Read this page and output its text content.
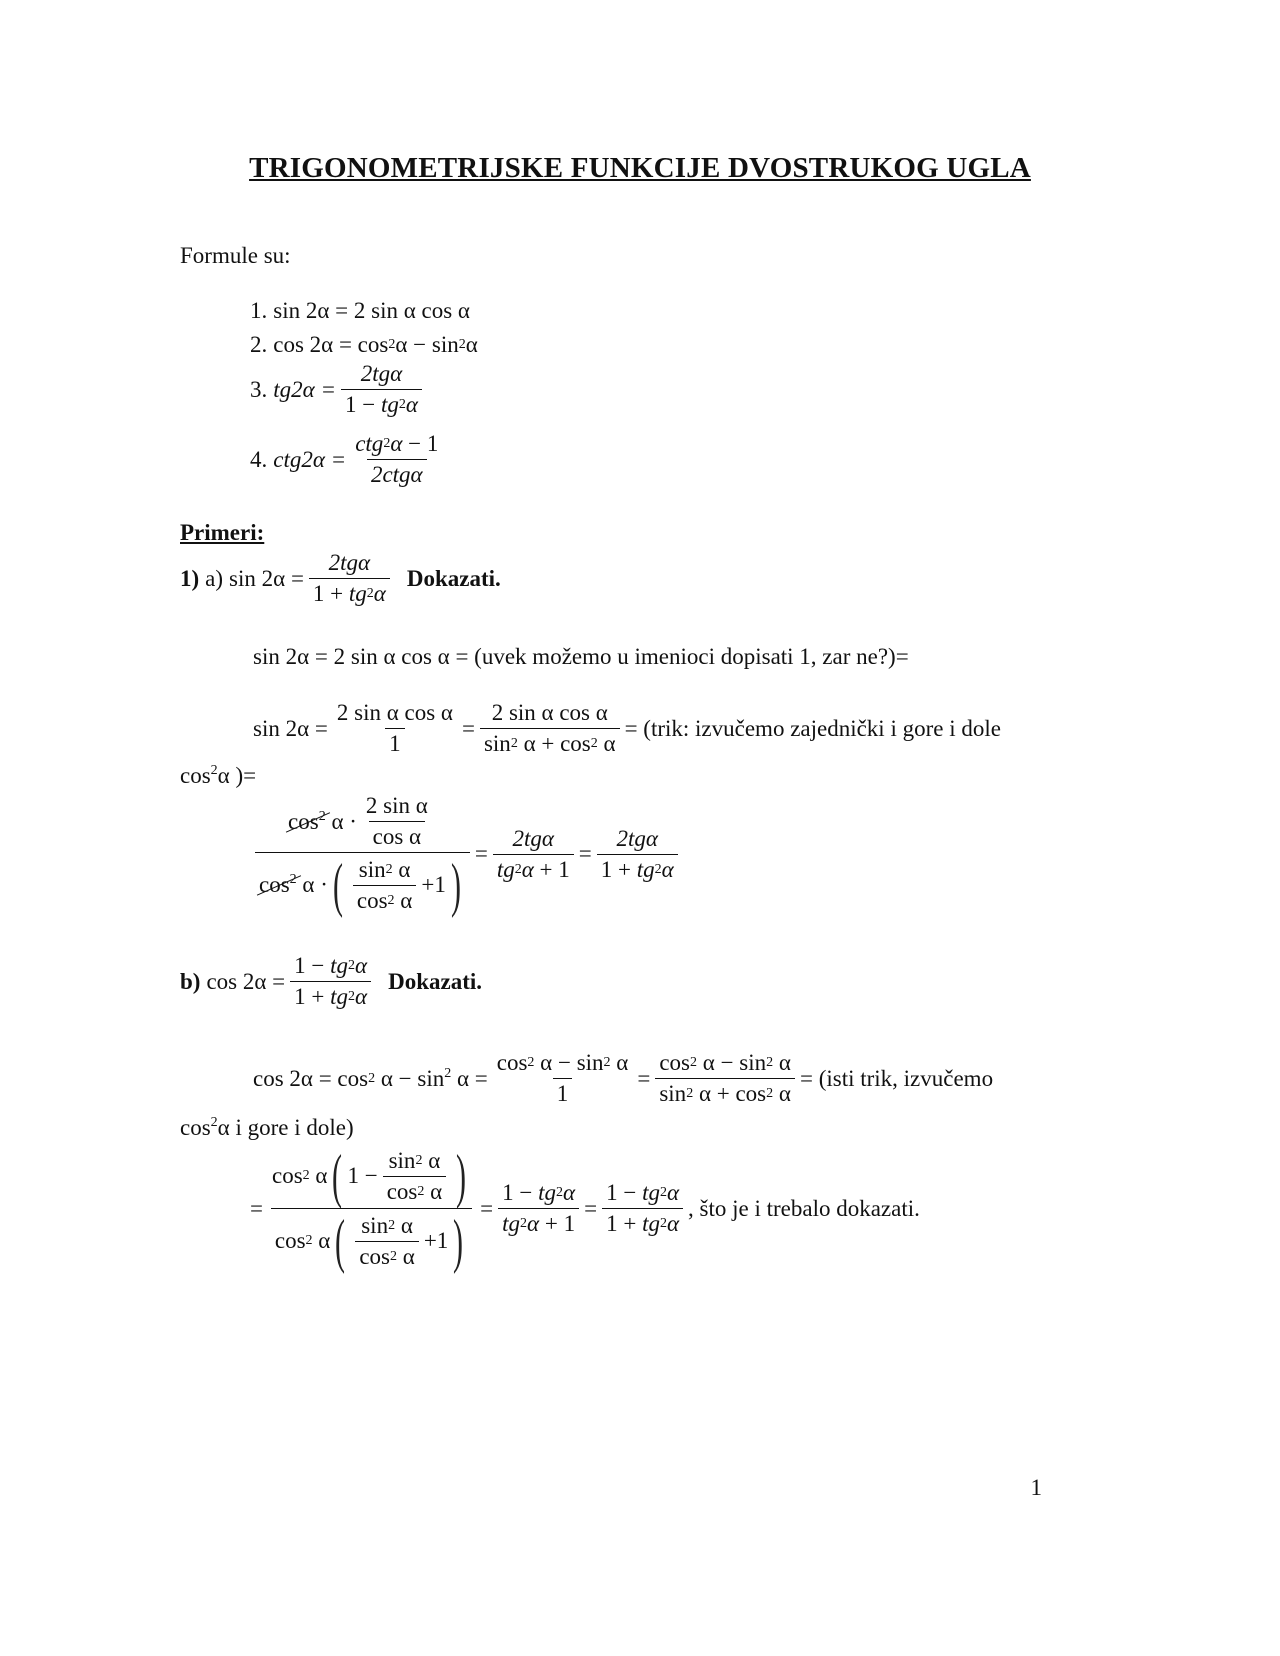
TRIGONOMETRIJSKE FUNKCIJE DVOSTRUKOG UGLA
Formule su:
1. sin 2α = 2 sin α cos α
2. cos 2α = cos 2 α − sin 2 α
3. $tg2\alpha = \frac{\text{2tgα}}{1 - tg 2 \alpha}$
4. $ctg2\alpha = \frac{\text{ctg 2 α − 1}}{\text{2ctgα}}$
Primeri:
1) a) $\sin 2\alpha = \frac{\text{2tgα}}{1 + tg 2 \alpha}$ Dokazati.
sin 2α = 2 sin α cos α = (uvek možemo u imenioci dopisati 1, zar ne?)=
$\sin 2\alpha = \frac{\text{2 sin α cos α}}{1} = \frac{\text{2 sin α cos α}}{\sin 2 \alpha + \cos 2 \alpha}$ = (trik: izvučemo zajednički i gore i dole
$\cos^2 \alpha$ )=
$\frac{\cos^2 \alpha \cdot \frac{\text{2 sin α}}{\text{cos α}}}{\cos^2 \alpha \cdot ( \frac{\sin 2 \alpha}{\cos 2 \alpha} +1 )} = \frac{\text{2tgα}}{tg 2 \alpha + 1} = \frac{\text{2tgα}}{1 + tg 2 \alpha}$
b) $\cos 2\alpha = \frac{1 - tg 2 \alpha}{1 + tg 2 \alpha}$ Dokazati.
cos 2α = cos 2 $\alpha - \sin^2 \alpha = \frac{\cos 2 \alpha - \sin 2 \alpha}{1} = \frac{\cos 2 \alpha - \sin 2 \alpha}{\sin 2 \alpha + \cos 2 \alpha}$ = (isti trik, izvučemo
$\cos^2 \alpha$ i gore i dole)
= $\frac{\cos 2 \alpha ( 1 - \frac{\sin 2 \alpha}{\cos 2 \alpha} )}{\cos 2 \alpha ( \frac{\sin 2 \alpha}{\cos 2 \alpha} +1 )} = \frac{1 - tg 2 \alpha}{tg 2 \alpha + 1} = \frac{1 - tg 2 \alpha}{1 + tg 2 \alpha}$ , što je i trebalo dokazati.
1
